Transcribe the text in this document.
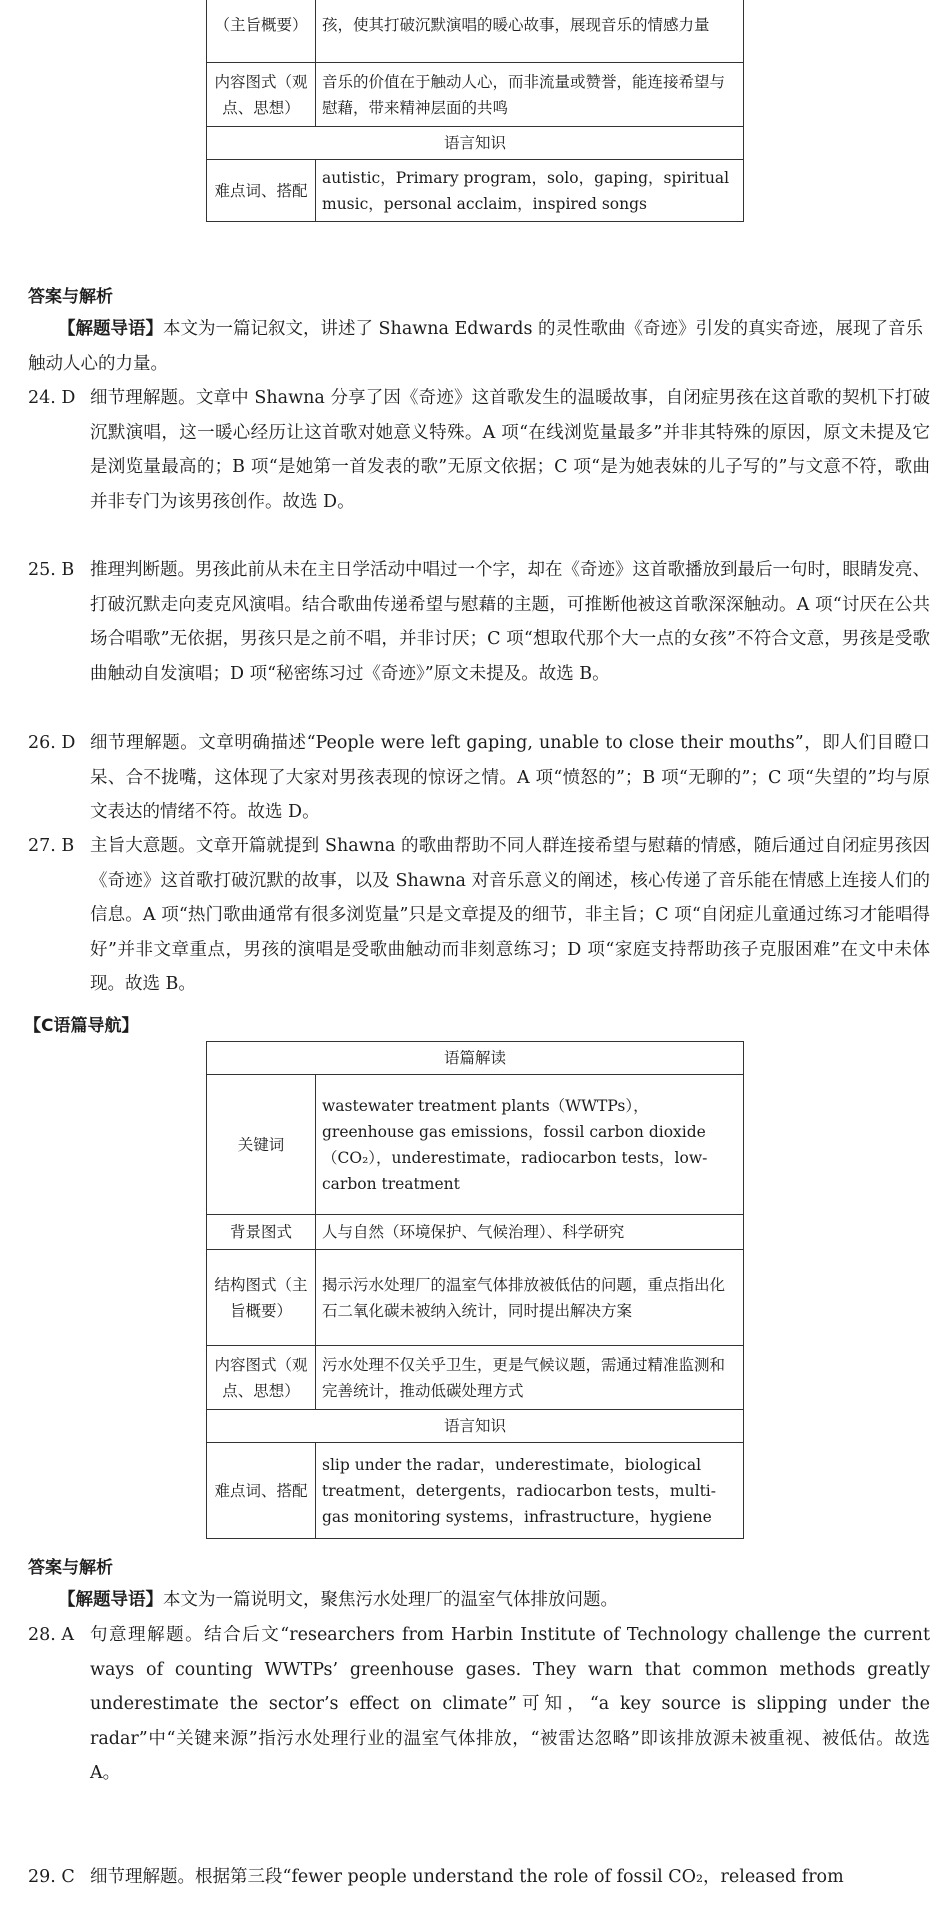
（主旨概要）	孩，使其打破沉默演唱的暖心故事，展现音乐的情感力量
内容图式（观点、思想）	音乐的价值在于触动人心，而非流量或赞誉，能连接希望与慰藉，带来精神层面的共鸣
语言知识	
难点词、搭配	autistic，Primary program，solo，gaping，spiritual music，personal acclaim，inspired songs
答案与解析
【解题导语】本文为一篇记叙文，讲述了 Shawna Edwards 的灵性歌曲《奇迹》引发的真实奇迹，展现了音乐触动人心的力量。
24. D 细节理解题。文章中 Shawna 分享了因《奇迹》这首歌发生的温暖故事，自闭症男孩在这首歌的契机下打破沉默演唱，这一暖心经历让这首歌对她意义特殊。A 项“在线浏览量最多”并非其特殊的原因，原文未提及它是浏览量最高的；B 项“是她第一首发表的歌”无原文依据；C 项“是为她表妹的儿子写的”与文意不符，歌曲并非专门为该男孩创作。故选 D。
25. B 推理判断题。男孩此前从未在主日学活动中唱过一个字，却在《奇迹》这首歌播放到最后一句时，眼睛发亮、打破沉默走向麦克风演唱。结合歌曲传递希望与慰藉的主题，可推断他被这首歌深深触动。A 项“讨厌在公共场合唱歌”无依据，男孩只是之前不唱，并非讨厌；C 项“想取代那个大一点的女孩”不符合文意，男孩是受歌曲触动自发演唱；D 项“秘密练习过《奇迹》”原文未提及。故选 B。
26. D 细节理解题。文章明确描述“People were left gaping, unable to close their mouths”，即人们目瞪口呆、合不拢嘴，这体现了大家对男孩表现的惊讶之情。A 项“愤怒的”；B 项“无聊的”；C 项“失望的”均与原文表达的情绪不符。故选 D。
27. B 主旨大意题。文章开篇就提到 Shawna 的歌曲帮助不同人群连接希望与慰藉的情感，随后通过自闭症男孩因《奇迹》这首歌打破沉默的故事，以及 Shawna 对音乐意义的阐述，核心传递了音乐能在情感上连接人们的信息。A 项“热门歌曲通常有很多浏览量”只是文章提及的细节，非主旨；C 项“自闭症儿童通过练习才能唱得好”并非文章重点，男孩的演唱是受歌曲触动而非刻意练习；D 项“家庭支持帮助孩子克服困难”在文中未体现。故选 B。
【C语篇导航】
语篇解读	
关键词	wastewater treatment plants（WWTPs），greenhouse gas emissions，fossil carbon dioxide（CO₂），underestimate，radiocarbon tests，low-carbon treatment
背景图式	人与自然（环境保护、气候治理）、科学研究
结构图式（主旨概要）	揭示污水处理厂的温室气体排放被低估的问题，重点指出化石二氧化碳未被纳入统计，同时提出解决方案
内容图式（观点、思想）	污水处理不仅关乎卫生，更是气候议题，需通过精准监测和完善统计，推动低碳处理方式
语言知识	
难点词、搭配	slip under the radar，underestimate，biological treatment，detergents，radiocarbon tests，multi-gas monitoring systems，infrastructure，hygiene
答案与解析
【解题导语】本文为一篇说明文，聚焦污水处理厂的温室气体排放问题。
28. A 句意理解题。结合后文“researchers from Harbin Institute of Technology challenge the current ways of counting WWTPs’ greenhouse gases. They warn that common methods greatly underestimate the sector’s effect on climate”可知，“a key source is slipping under the radar”中“关键来源”指污水处理行业的温室气体排放，“被雷达忽略”即该排放源未被重视、被低估。故选 A。
29. C 细节理解题。根据第三段“fewer people understand the role of fossil CO₂，released from
